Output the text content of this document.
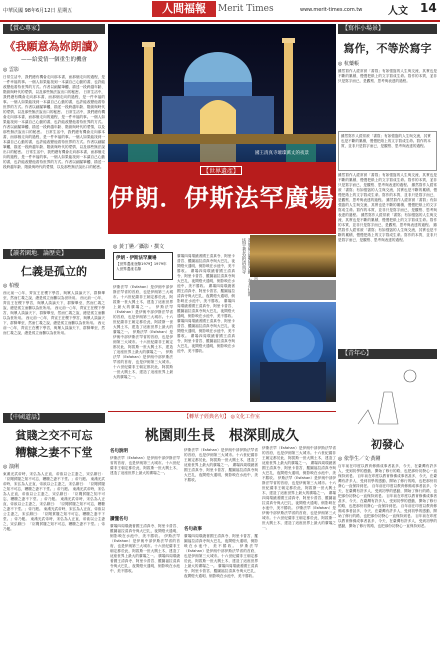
中華民國 98年6月12日 星期五	人間福報	Merit Times	www.merit-times.com.tw	人文 14
【賞心專家】
《我願意為妳朗讀》
——給愛情一個重生的機會
◎ 雲影
日常生活中，我們總有機會走向那本書，而那個走向的過程，是一件幸福的事。一個人如果能找到一本讓自己心動的書，也許能改變他看待世界的方式。作者以細膩筆觸，描述一段跨越年齡、階級與時代的愛情，以及那些無法說出口的秘密。 日常生活中，我們總有機會走向那本書，而那個走向的過程，是一件幸福的事。一個人如果能找到一本讓自己心動的書，也許能改變他看待世界的方式。作者以細膩筆觸，描述一段跨越年齡、階級與時代的愛情，以及那些無法說出口的秘密。 日常生活中，我們總有機會走向那本書，而那個走向的過程，是一件幸福的事。一個人如果能找到一本讓自己心動的書，也許能改變他看待世界的方式。作者以細膩筆觸，描述一段跨越年齡、階級與時代的愛情，以及那些無法說出口的秘密。 日常生活中，我們總有機會走向那本書，而那個走向的過程，是一件幸福的事。一個人如果能找到一本讓自己心動的書，也許能改變他看待世界的方式。作者以細膩筆觸，描述一段跨越年齡、階級與時代的愛情，以及那些無法說出口的秘密。 日常生活中，我們總有機會走向那本書，而那個走向的過程，是一件幸福的事。一個人如果能找到一本讓自己心動的書，也許能改變他看待世界的方式。作者以細膩筆觸，描述一段跨越年齡、階級與時代的愛情，以及那些無法說出口的秘密。
【讀者園地．論歷史】
仁義是孤立的
◎ 柏慢
西元前一○年，齊宣王在稷下學宮，與眾人談論天下，群賢畢至，然而仁義之說，總是孤立而難以為世所用。 西元前一○年，齊宣王在稷下學宮，與眾人談論天下，群賢畢至，然而仁義之說，總是孤立而難以為世所用。 西元前一○年，齊宣王在稷下學宮，與眾人談論天下，群賢畢至，然而仁義之說，總是孤立而難以為世所用。 西元前一○年，齊宣王在稷下學宮，與眾人談論天下，群賢畢至，然而仁義之說，總是孤立而難以為世所用。 西元前一○年，齊宣王在稷下學宮，與眾人談論天下，群賢畢至，然而仁義之說，總是孤立而難以為世所用。
【中國道話】
貧賤之交不可忘
糟糠之妻不下堂
◎ 演俐
東漢光武帝時，宋弘為人正直，帝欲以公主妻之，宋弘辭曰：「臣聞貧賤之知不可忘，糟糠之妻不下堂。」帝乃罷。 東漢光武帝時，宋弘為人正直，帝欲以公主妻之，宋弘辭曰：「臣聞貧賤之知不可忘，糟糠之妻不下堂。」帝乃罷。 東漢光武帝時，宋弘為人正直，帝欲以公主妻之，宋弘辭曰：「臣聞貧賤之知不可忘，糟糠之妻不下堂。」帝乃罷。 東漢光武帝時，宋弘為人正直，帝欲以公主妻之，宋弘辭曰：「臣聞貧賤之知不可忘，糟糠之妻不下堂。」帝乃罷。 東漢光武帝時，宋弘為人正直，帝欲以公主妻之，宋弘辭曰：「臣聞貧賤之知不可忘，糟糠之妻不下堂。」帝乃罷。 東漢光武帝時，宋弘為人正直，帝欲以公主妻之，宋弘辭曰：「臣聞貧賤之知不可忘，糟糠之妻不下堂。」帝乃罷。
國王清真寺璀璨萬丈的夜景
【世界遺產】
伊朗．伊斯法罕廣場
◎ 黃丁嬿／攝影・撰文
伊朗・伊斯法罕廣場
【世界遺產登錄1979】1979年入世界遺產名錄
伊斯法罕（Esfahan）是伊朗中部伊斯法罕省的首府，也是伊朗第三大城市。十六世紀薩非王朝定都於此，阿拔斯一世大興土木，建造了這座世界上最大的廣場之一。 伊斯法罕（Esfahan）是伊朗中部伊斯法罕省的首府，也是伊朗第三大城市。十六世紀薩非王朝定都於此，阿拔斯一世大興土木，建造了這座世界上最大的廣場之一。 伊斯法罕（Esfahan）是伊朗中部伊斯法罕省的首府，也是伊朗第三大城市。十六世紀薩非王朝定都於此，阿拔斯一世大興土木，建造了這座世界上最大的廣場之一。 伊斯法罕（Esfahan）是伊朗中部伊斯法罕省的首府，也是伊朗第三大城市。十六世紀薩非王朝定都於此，阿拔斯一世大興土木，建造了這座世界上最大的廣場之一。
廣場四周環繞著國王清真寺、阿里卡普宮、羅圖福拉清真寺與大巴扎，夜間燈火通明，倒影映在水池中，美不勝收。 廣場四周環繞著國王清真寺、阿里卡普宮、羅圖福拉清真寺與大巴扎，夜間燈火通明，倒影映在水池中，美不勝收。 廣場四周環繞著國王清真寺、阿里卡普宮、羅圖福拉清真寺與大巴扎，夜間燈火通明，倒影映在水池中，美不勝收。 廣場四周環繞著國王清真寺、阿里卡普宮、羅圖福拉清真寺與大巴扎，夜間燈火通明，倒影映在水池中，美不勝收。 廣場四周環繞著國王清真寺、阿里卡普宮、羅圖福拉清真寺與大巴扎，夜間燈火通明，倒影映在水池中，美不勝收。 廣場四周環繞著國王清真寺、阿里卡普宮、羅圖福拉清真寺與大巴扎，夜間燈火通明，倒影映在水池中，美不勝收。
曾是 ，右 法罕著名的清真寺
【轉草子經典名句】 ◎文化工作室
桃園則生長　根深則成久
名句說明
伊斯法罕（Esfahan）是伊朗中部伊斯法罕省的首府，也是伊朗第三大城市。十六世紀薩非王朝定都於此，阿拔斯一世大興土木，建造了這座世界上最大的廣場之一。
讀懂名句
廣場四周環繞著國王清真寺、阿里卡普宮、羅圖福拉清真寺與大巴扎，夜間燈火通明，倒影映在水池中，美不勝收。 伊斯法罕（Esfahan）是伊朗中部伊斯法罕省的首府，也是伊朗第三大城市。十六世紀薩非王朝定都於此，阿拔斯一世大興土木，建造了這座世界上最大的廣場之一。 廣場四周環繞著國王清真寺、阿里卡普宮、羅圖福拉清真寺與大巴扎，夜間燈火通明，倒影映在水池中，美不勝收。
伊斯法罕（Esfahan）是伊朗中部伊斯法罕省的首府，也是伊朗第三大城市。十六世紀薩非王朝定都於此，阿拔斯一世大興土木，建造了這座世界上最大的廣場之一。 廣場四周環繞著國王清真寺、阿里卡普宮、羅圖福拉清真寺與大巴扎，夜間燈火通明，倒影映在水池中，美不勝收。
名句故事
廣場四周環繞著國王清真寺、阿里卡普宮、羅圖福拉清真寺與大巴扎，夜間燈火通明，倒影映在水池中，美不勝收。 伊斯法罕（Esfahan）是伊朗中部伊斯法罕省的首府，也是伊朗第三大城市。十六世紀薩非王朝定都於此，阿拔斯一世大興土木，建造了這座世界上最大的廣場之一。 廣場四周環繞著國王清真寺、阿里卡普宮、羅圖福拉清真寺與大巴扎，夜間燈火通明，倒影映在水池中，美不勝收。
伊斯法罕（Esfahan）是伊朗中部伊斯法罕省的首府，也是伊朗第三大城市。十六世紀薩非王朝定都於此，阿拔斯一世大興土木，建造了這座世界上最大的廣場之一。 廣場四周環繞著國王清真寺、阿里卡普宮、羅圖福拉清真寺與大巴扎，夜間燈火通明，倒影映在水池中，美不勝收。 伊斯法罕（Esfahan）是伊朗中部伊斯法罕省的首府，也是伊朗第三大城市。十六世紀薩非王朝定都於此，阿拔斯一世大興土木，建造了這座世界上最大的廣場之一。 廣場四周環繞著國王清真寺、阿里卡普宮、羅圖福拉清真寺與大巴扎，夜間燈火通明，倒影映在水池中，美不勝收。 伊斯法罕（Esfahan）是伊朗中部伊斯法罕省的首府，也是伊朗第三大城市。十六世紀薩非王朝定都於此，阿拔斯一世大興土木，建造了這座世界上最大的廣場之一。
【寫作小場景】
寫作，不等於寫字
◎ 杭藥帳
雖然寫作人經常被「書寫」有如強盜的人生與交流，其實也是不斷的累積，慢慢把紙上的文字寫成生命。寫作的本質，並非只是寫字而已，是觀察、思考與表達的過程。
雖然寫作人經常被「書寫」有如強盜的人生與交流，其實也是不斷的累積，慢慢把紙上的文字寫成生命。寫作的本質，並非只是寫字而已，是觀察、思考與表達的過程。
雖然寫作人經常被「書寫」有如強盜的人生與交流，其實也是不斷的累積，慢慢把紙上的文字寫成生命。寫作的本質，並非只是寫字而已，是觀察、思考與表達的過程。 雖然寫作人經常被「書寫」有如強盜的人生與交流，其實也是不斷的累積，慢慢把紙上的文字寫成生命。寫作的本質，並非只是寫字而已，是觀察、思考與表達的過程。 雖然寫作人經常被「書寫」有如強盜的人生與交流，其實也是不斷的累積，慢慢把紙上的文字寫成生命。寫作的本質，並非只是寫字而已，是觀察、思考與表達的過程。 雖然寫作人經常被「書寫」有如強盜的人生與交流，其實也是不斷的累積，慢慢把紙上的文字寫成生命。寫作的本質，並非只是寫字而已，是觀察、思考與表達的過程。 雖然寫作人經常被「書寫」有如強盜的人生與交流，其實也是不斷的累積，慢慢把紙上的文字寫成生命。寫作的本質，並非只是寫字而已，是觀察、思考與表達的過程。
【青年心】
初發心
◎ 依學生／文‧黃剛
百年前在印度以教育修佛成事者甚多，今天，在臺灣有許多人，受到初學的感動，開始了修行的路，也把那份初發心一直保持到老。 百年前在印度以教育修佛成事者甚多，今天，在臺灣有許多人，受到初學的感動，開始了修行的路，也把那份初發心一直保持到老。 百年前在印度以教育修佛成事者甚多，今天，在臺灣有許多人，受到初學的感動，開始了修行的路，也把那份初發心一直保持到老。 百年前在印度以教育修佛成事者甚多，今天，在臺灣有許多人，受到初學的感動，開始了修行的路，也把那份初發心一直保持到老。 百年前在印度以教育修佛成事者甚多，今天，在臺灣有許多人，受到初學的感動，開始了修行的路，也把那份初發心一直保持到老。 百年前在印度以教育修佛成事者甚多，今天，在臺灣有許多人，受到初學的感動，開始了修行的路，也把那份初發心一直保持到老。
